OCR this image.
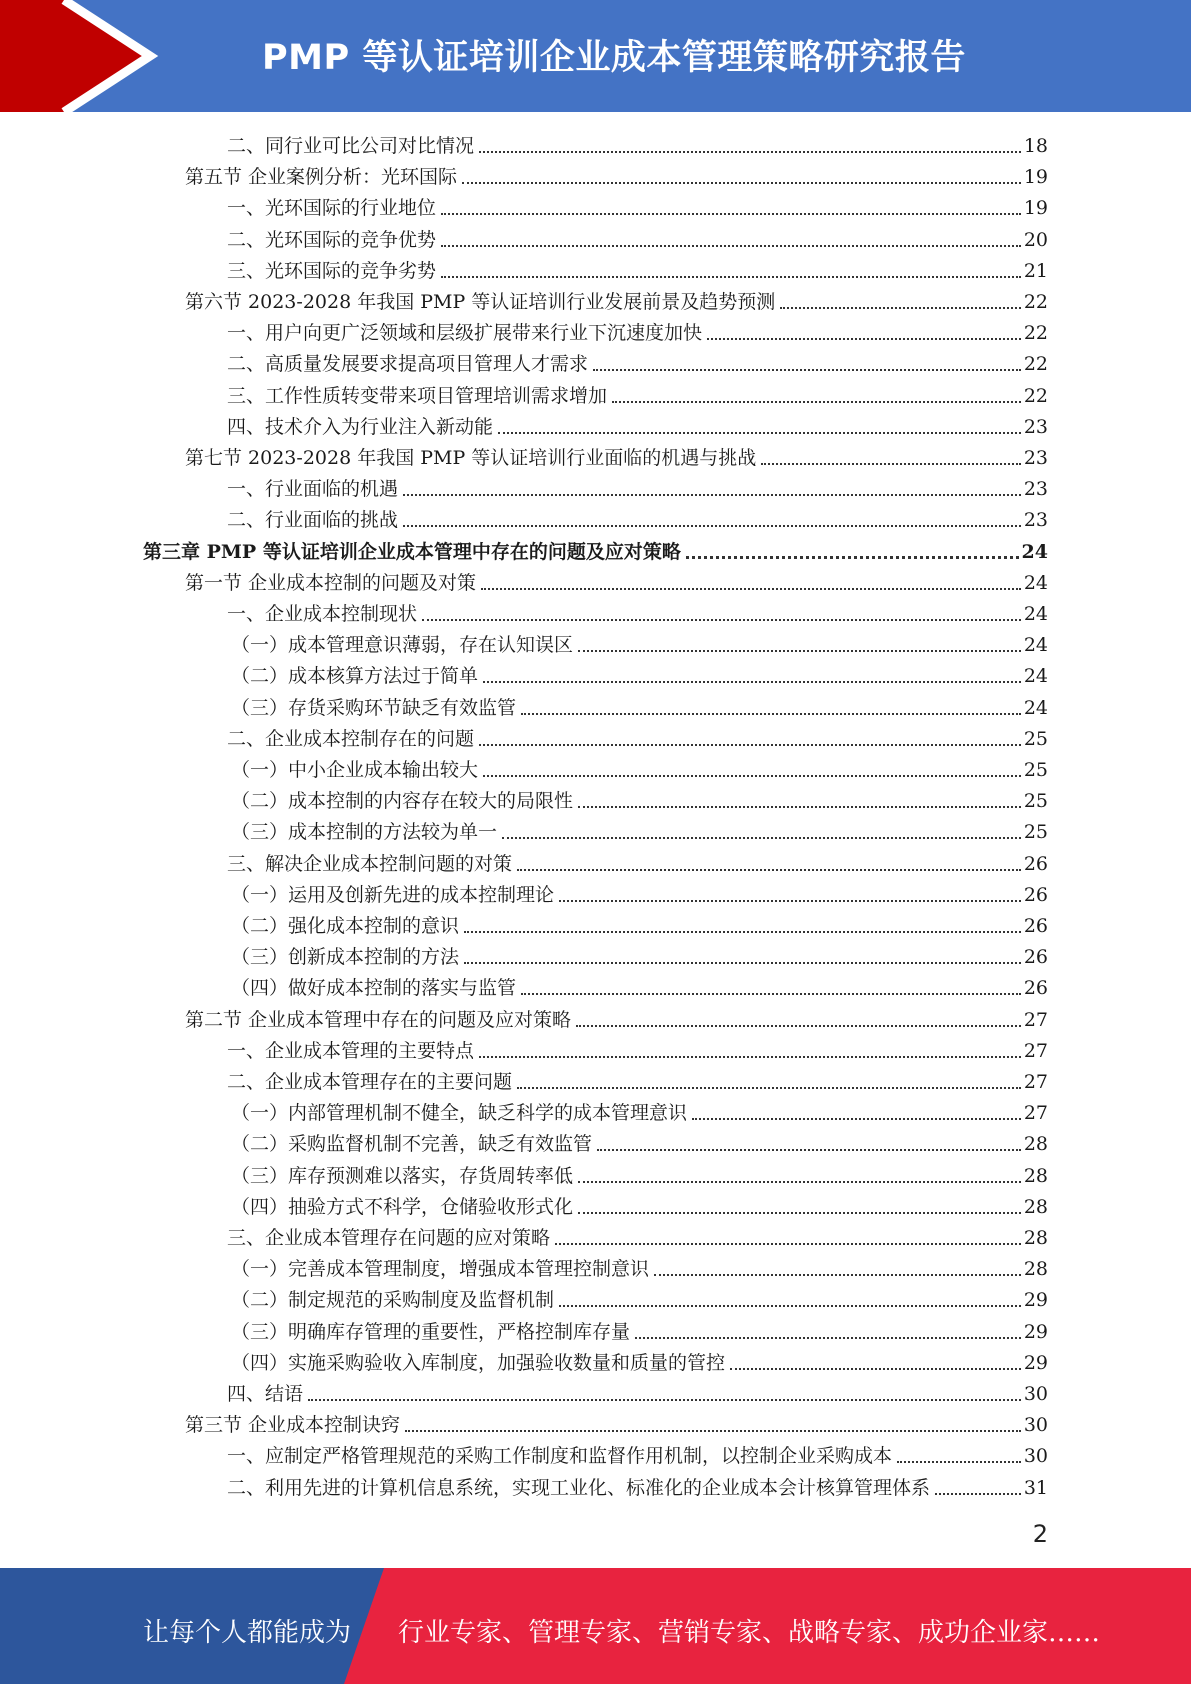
PMP 等认证培训企业成本管理策略研究报告
二、同行业可比公司对比情况	18
第五节 企业案例分析：光环国际	19
一、光环国际的行业地位	19
二、光环国际的竞争优势	20
三、光环国际的竞争劣势	21
第六节 2023-2028 年我国 PMP 等认证培训行业发展前景及趋势预测	22
一、用户向更广泛领域和层级扩展带来行业下沉速度加快	22
二、高质量发展要求提高项目管理人才需求	22
三、工作性质转变带来项目管理培训需求增加	22
四、技术介入为行业注入新动能	23
第七节 2023-2028 年我国 PMP 等认证培训行业面临的机遇与挑战	23
一、行业面临的机遇	23
二、行业面临的挑战	23
第三章 PMP 等认证培训企业成本管理中存在的问题及应对策略	24
第一节 企业成本控制的问题及对策	24
一、企业成本控制现状	24
（一）成本管理意识薄弱，存在认知误区	24
（二）成本核算方法过于简单	24
（三）存货采购环节缺乏有效监管	24
二、企业成本控制存在的问题	25
（一）中小企业成本输出较大	25
（二）成本控制的内容存在较大的局限性	25
（三）成本控制的方法较为单一	25
三、解决企业成本控制问题的对策	26
（一）运用及创新先进的成本控制理论	26
（二）强化成本控制的意识	26
（三）创新成本控制的方法	26
（四）做好成本控制的落实与监管	26
第二节 企业成本管理中存在的问题及应对策略	27
一、企业成本管理的主要特点	27
二、企业成本管理存在的主要问题	27
（一）内部管理机制不健全，缺乏科学的成本管理意识	27
（二）采购监督机制不完善，缺乏有效监管	28
（三）库存预测难以落实，存货周转率低	28
（四）抽验方式不科学，仓储验收形式化	28
三、企业成本管理存在问题的应对策略	28
（一）完善成本管理制度，增强成本管理控制意识	28
（二）制定规范的采购制度及监督机制	29
（三）明确库存管理的重要性，严格控制库存量	29
（四）实施采购验收入库制度，加强验收数量和质量的管控	29
四、结语	30
第三节 企业成本控制诀窍	30
一、应制定严格管理规范的采购工作制度和监督作用机制，以控制企业采购成本	30
二、利用先进的计算机信息系统，实现工业化、标准化的企业成本会计核算管理体系	31
2
让每个人都能成为 行业专家、管理专家、营销专家、战略专家、成功企业家……
